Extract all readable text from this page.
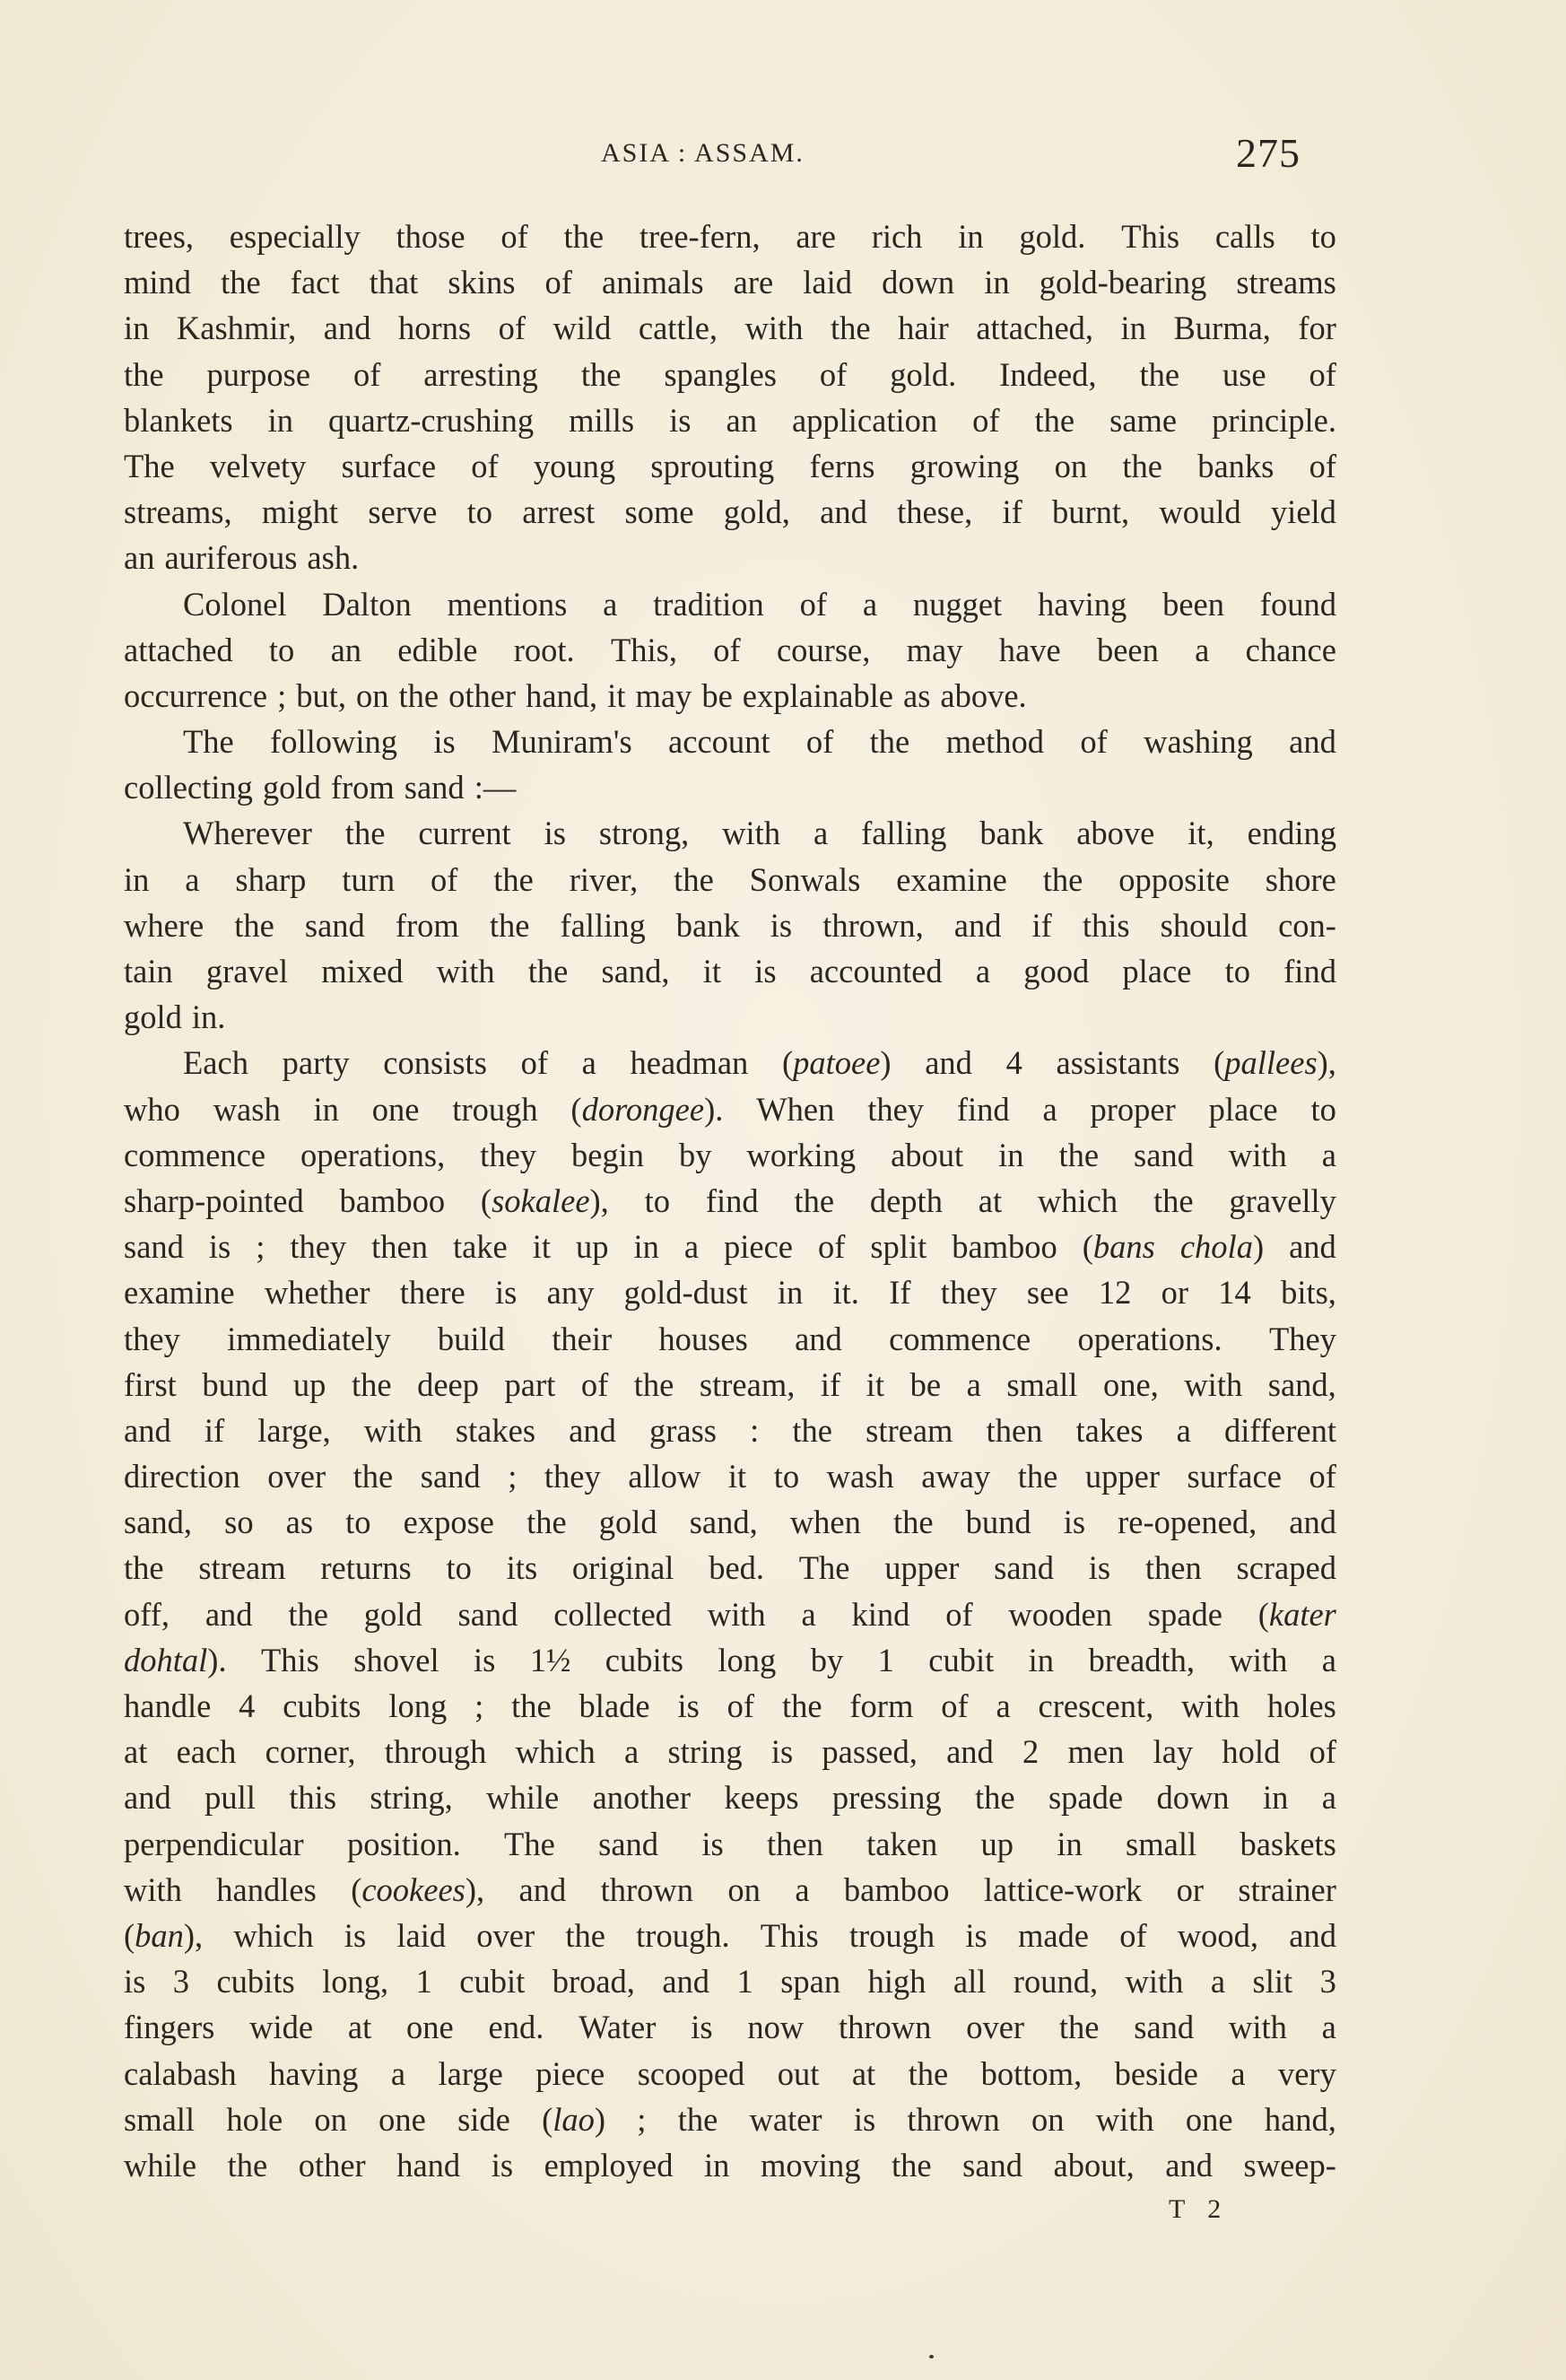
ASIA : ASSAM.	275
trees, especially those of the tree-fern, are rich in gold. This calls to
mind the fact that skins of animals are laid down in gold-bearing streams
in Kashmir, and horns of wild cattle, with the hair attached, in Burma, for
the purpose of arresting the spangles of gold. Indeed, the use of
blankets in quartz-crushing mills is an application of the same principle.
The velvety surface of young sprouting ferns growing on the banks of
streams, might serve to arrest some gold, and these, if burnt, would yield
an auriferous ash.
Colonel Dalton mentions a tradition of a nugget having been found
attached to an edible root. This, of course, may have been a chance
occurrence ; but, on the other hand, it may be explainable as above.
The following is Muniram's account of the method of washing and
collecting gold from sand :—
Wherever the current is strong, with a falling bank above it, ending
in a sharp turn of the river, the Sonwals examine the opposite shore
where the sand from the falling bank is thrown, and if this should con-
tain gravel mixed with the sand, it is accounted a good place to find
gold in.
Each party consists of a headman (patoee) and 4 assistants (pallees),
who wash in one trough (dorongee). When they find a proper place to
commence operations, they begin by working about in the sand with a
sharp-pointed bamboo (sokalee), to find the depth at which the gravelly
sand is ; they then take it up in a piece of split bamboo (bans chola) and
examine whether there is any gold-dust in it. If they see 12 or 14 bits,
they immediately build their houses and commence operations. They
first bund up the deep part of the stream, if it be a small one, with sand,
and if large, with stakes and grass : the stream then takes a different
direction over the sand ; they allow it to wash away the upper surface of
sand, so as to expose the gold sand, when the bund is re-opened, and
the stream returns to its original bed. The upper sand is then scraped
off, and the gold sand collected with a kind of wooden spade (kater
dohtal). This shovel is 1½ cubits long by 1 cubit in breadth, with a
handle 4 cubits long ; the blade is of the form of a crescent, with holes
at each corner, through which a string is passed, and 2 men lay hold of
and pull this string, while another keeps pressing the spade down in a
perpendicular position. The sand is then taken up in small baskets
with handles (cookees), and thrown on a bamboo lattice-work or strainer
(ban), which is laid over the trough. This trough is made of wood, and
is 3 cubits long, 1 cubit broad, and 1 span high all round, with a slit 3
fingers wide at one end. Water is now thrown over the sand with a
calabash having a large piece scooped out at the bottom, beside a very
small hole on one side (lao) ; the water is thrown on with one hand,
while the other hand is employed in moving the sand about, and sweep-
T 2
